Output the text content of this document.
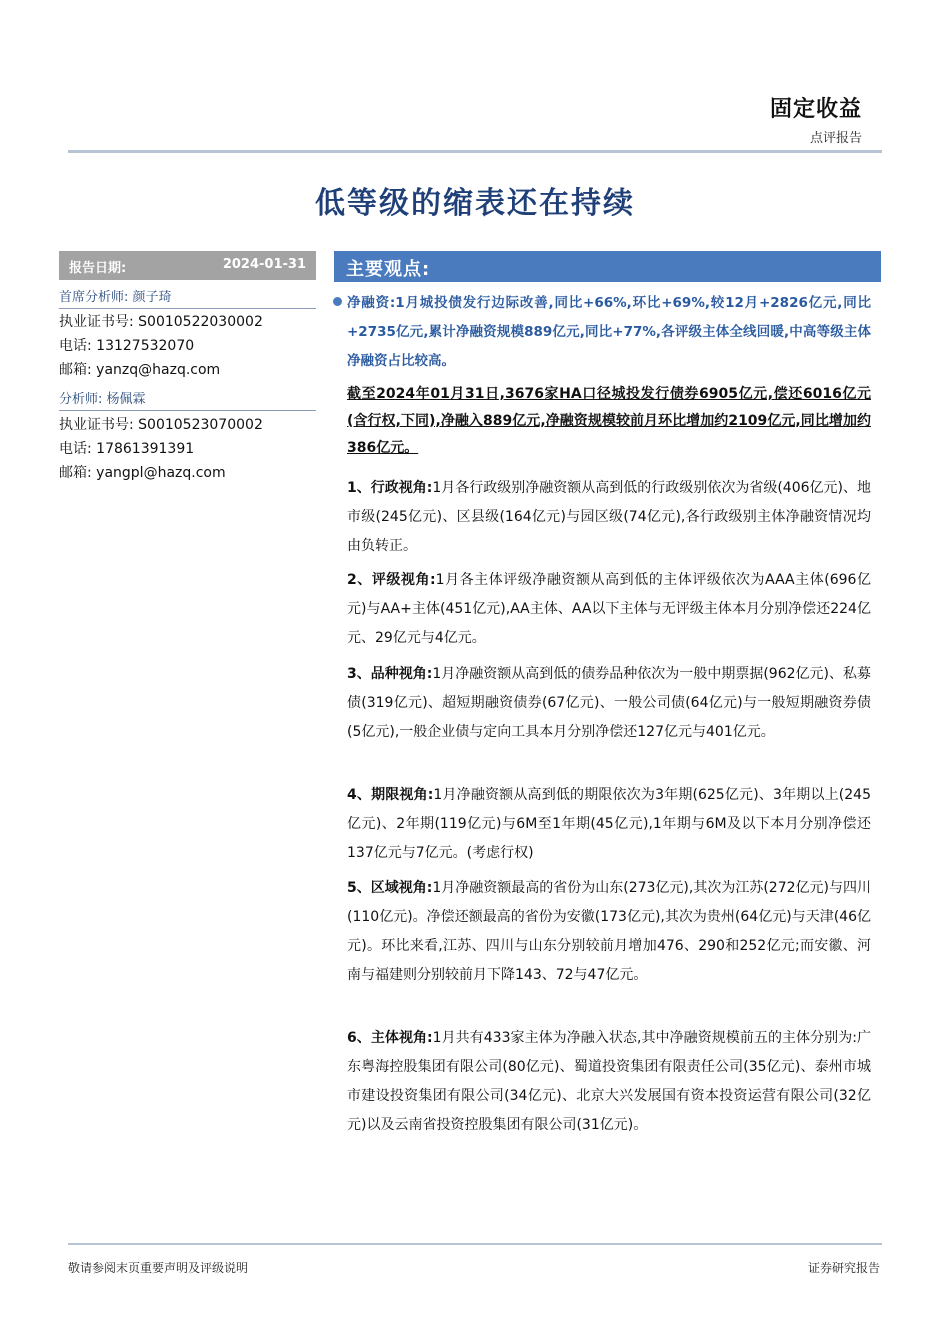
固定收益
点评报告
低等级的缩表还在持续
报告日期:	2024-01-31
首席分析师: 颜子琦
执业证书号: S0010522030002
电话: 13127532070
邮箱: yanzq@hazq.com
分析师: 杨佩霖
执业证书号: S0010523070002
电话: 17861391391
邮箱: yangpl@hazq.com
主要观点:
净融资:1月城投债发行边际改善,同比+66%,环比+69%,较12月+2826亿元,同比+2735亿元,累计净融资规模889亿元,同比+77%,各评级主体全线回暖,中高等级主体净融资占比较高。
截至2024年01月31日,3676家HA口径城投发行债券6905亿元,偿还6016亿元(含行权,下同),净融入889亿元,净融资规模较前月环比增加约2109亿元,同比增加约386亿元。
1、行政视角:1月各行政级别净融资额从高到低的行政级别依次为省级(406亿元)、地市级(245亿元)、区县级(164亿元)与园区级(74亿元),各行政级别主体净融资情况均由负转正。
2、评级视角:1月各主体评级净融资额从高到低的主体评级依次为AAA主体(696亿元)与AA+主体(451亿元),AA主体、AA以下主体与无评级主体本月分别净偿还224亿元、29亿元与4亿元。
3、品种视角:1月净融资额从高到低的债券品种依次为一般中期票据(962亿元)、私募债(319亿元)、超短期融资债券(67亿元)、一般公司债(64亿元)与一般短期融资券债(5亿元),一般企业债与定向工具本月分别净偿还127亿元与401亿元。
4、期限视角:1月净融资额从高到低的期限依次为3年期(625亿元)、3年期以上(245亿元)、2年期(119亿元)与6M至1年期(45亿元),1年期与6M及以下本月分别净偿还137亿元与7亿元。(考虑行权)
5、区域视角:1月净融资额最高的省份为山东(273亿元),其次为江苏(272亿元)与四川(110亿元)。净偿还额最高的省份为安徽(173亿元),其次为贵州(64亿元)与天津(46亿元)。环比来看,江苏、四川与山东分别较前月增加476、290和252亿元;而安徽、河南与福建则分别较前月下降143、72与47亿元。
6、主体视角:1月共有433家主体为净融入状态,其中净融资规模前五的主体分别为:广东粤海控股集团有限公司(80亿元)、蜀道投资集团有限责任公司(35亿元)、泰州市城市建设投资集团有限公司(34亿元)、北京大兴发展国有资本投资运营有限公司(32亿元)以及云南省投资控股集团有限公司(31亿元)。
敬请参阅末页重要声明及评级说明	证券研究报告
